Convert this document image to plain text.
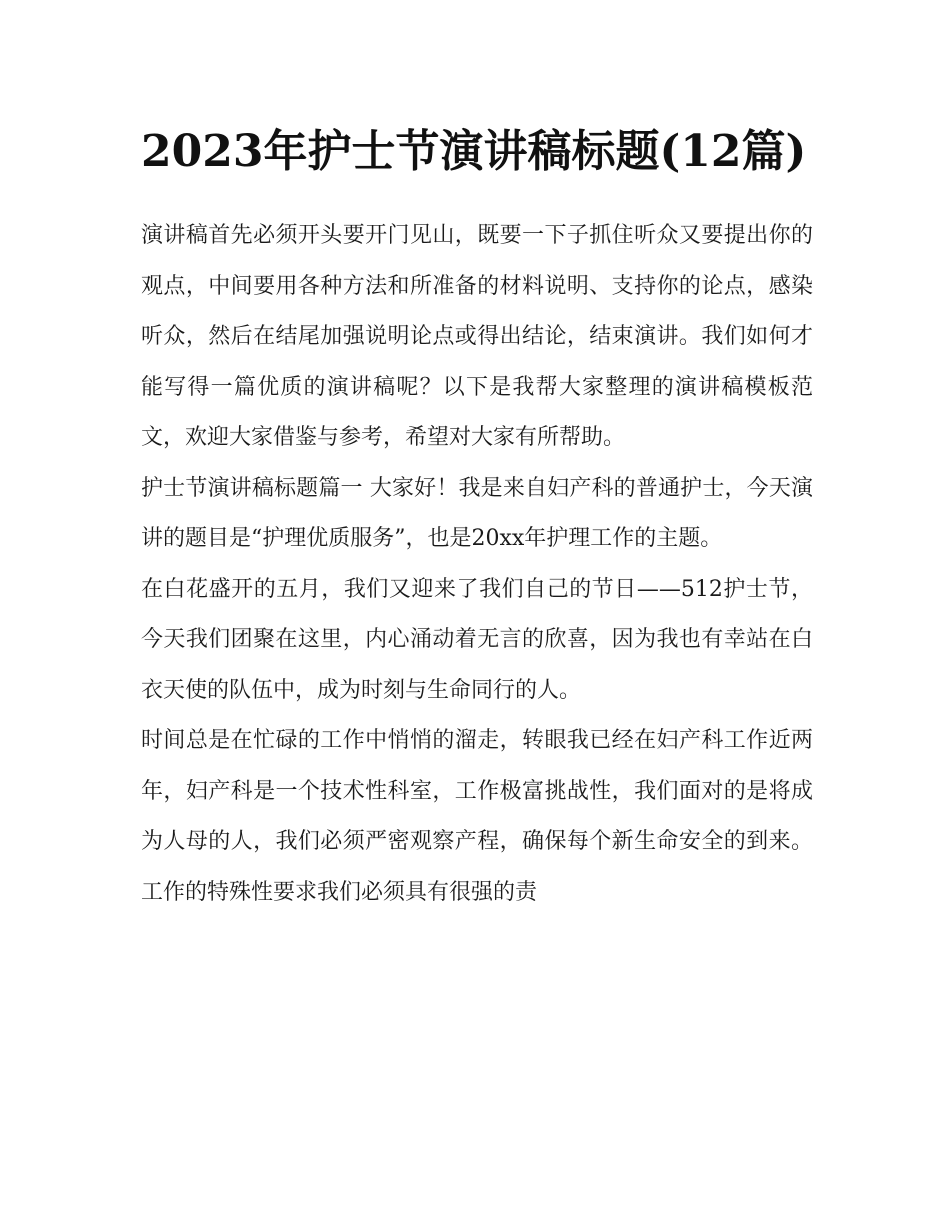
2023年护士节演讲稿标题(12篇)

演讲稿首先必须开头要开门见山，既要一下子抓住听众又要提出你的观点，中间要用各种方法和所准备的材料说明、支持你的论点，感染听众，然后在结尾加强说明论点或得出结论，结束演讲。我们如何才能写得一篇优质的演讲稿呢？以下是我帮大家整理的演讲稿模板范文，欢迎大家借鉴与参考，希望对大家有所帮助。

护士节演讲稿标题篇一 大家好！我是来自妇产科的普通护士，今天演讲的题目是“护理优质服务”，也是20xx年护理工作的主题。

在白花盛开的五月，我们又迎来了我们自己的节日——512护士节，今天我们团聚在这里，内心涌动着无言的欣喜，因为我也有幸站在白衣天使的队伍中，成为时刻与生命同行的人。

时间总是在忙碌的工作中悄悄的溜走，转眼我已经在妇产科工作近两年，妇产科是一个技术性科室，工作极富挑战性，我们面对的是将成为人母的人，我们必须严密观察产程，确保每个新生命安全的到来。工作的特殊性要求我们必须具有很强的责
